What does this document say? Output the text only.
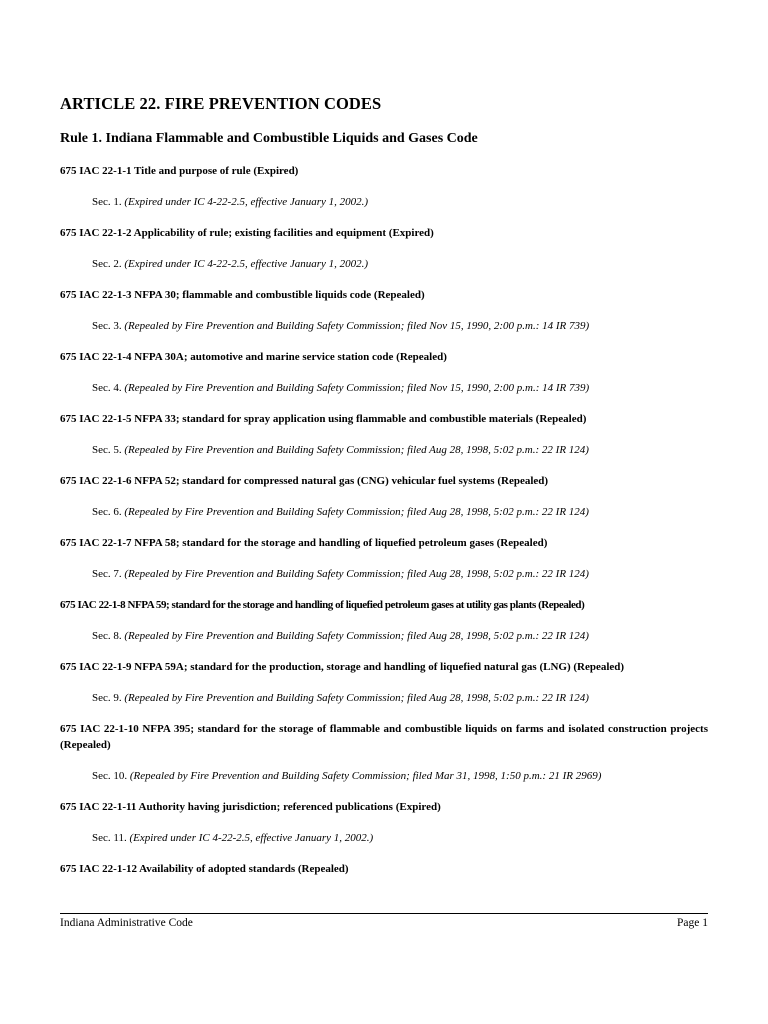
ARTICLE 22. FIRE PREVENTION CODES
Rule 1. Indiana Flammable and Combustible Liquids and Gases Code

675 IAC 22-1-1 Title and purpose of rule (Expired)

Sec. 1. (Expired under IC 4-22-2.5, effective January 1, 2002.)

675 IAC 22-1-2 Applicability of rule; existing facilities and equipment (Expired)

Sec. 2. (Expired under IC 4-22-2.5, effective January 1, 2002.)

675 IAC 22-1-3 NFPA 30; flammable and combustible liquids code (Repealed)

Sec. 3. (Repealed by Fire Prevention and Building Safety Commission; filed Nov 15, 1990, 2:00 p.m.: 14 IR 739)

675 IAC 22-1-4 NFPA 30A; automotive and marine service station code (Repealed)

Sec. 4. (Repealed by Fire Prevention and Building Safety Commission; filed Nov 15, 1990, 2:00 p.m.: 14 IR 739)

675 IAC 22-1-5 NFPA 33; standard for spray application using flammable and combustible materials (Repealed)

Sec. 5. (Repealed by Fire Prevention and Building Safety Commission; filed Aug 28, 1998, 5:02 p.m.: 22 IR 124)

675 IAC 22-1-6 NFPA 52; standard for compressed natural gas (CNG) vehicular fuel systems (Repealed)

Sec. 6. (Repealed by Fire Prevention and Building Safety Commission; filed Aug 28, 1998, 5:02 p.m.: 22 IR 124)

675 IAC 22-1-7 NFPA 58; standard for the storage and handling of liquefied petroleum gases (Repealed)

Sec. 7. (Repealed by Fire Prevention and Building Safety Commission; filed Aug 28, 1998, 5:02 p.m.: 22 IR 124)

675 IAC 22-1-8 NFPA 59; standard for the storage and handling of liquefied petroleum gases at utility gas plants (Repealed)

Sec. 8. (Repealed by Fire Prevention and Building Safety Commission; filed Aug 28, 1998, 5:02 p.m.: 22 IR 124)

675 IAC 22-1-9 NFPA 59A; standard for the production, storage and handling of liquefied natural gas (LNG) (Repealed)

Sec. 9. (Repealed by Fire Prevention and Building Safety Commission; filed Aug 28, 1998, 5:02 p.m.: 22 IR 124)

675 IAC 22-1-10 NFPA 395; standard for the storage of flammable and combustible liquids on farms and isolated construction projects (Repealed)

Sec. 10. (Repealed by Fire Prevention and Building Safety Commission; filed Mar 31, 1998, 1:50 p.m.: 21 IR 2969)

675 IAC 22-1-11 Authority having jurisdiction; referenced publications (Expired)

Sec. 11. (Expired under IC 4-22-2.5, effective January 1, 2002.)

675 IAC 22-1-12 Availability of adopted standards (Repealed)

Indiana Administrative Code	Page 1
